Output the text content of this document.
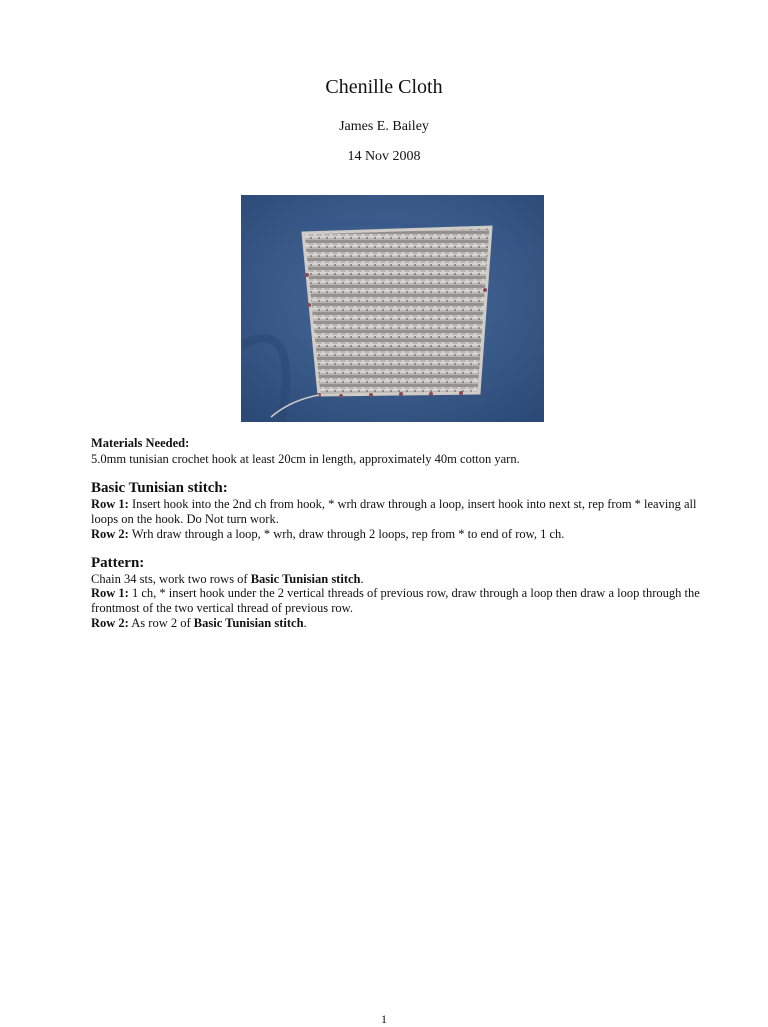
Chenille Cloth
James E. Bailey
14 Nov 2008
Materials Needed:
5.0mm tunisian crochet hook at least 20cm in length, approximately 40m cotton yarn.
Basic Tunisian stitch:
Row 1: Insert hook into the 2nd ch from hook, * wrh draw through a loop, insert hook into next st, rep from * leaving all loops on the hook. Do Not turn work.
Row 2: Wrh draw through a loop, * wrh, draw through 2 loops, rep from * to end of row, 1 ch.
Pattern:
Chain 34 sts, work two rows of Basic Tunisian stitch.
Row 1: 1 ch, * insert hook under the 2 vertical threads of previous row, draw through a loop then draw a loop through the frontmost of the two vertical thread of previous row.
Row 2: As row 2 of Basic Tunisian stitch.
1
